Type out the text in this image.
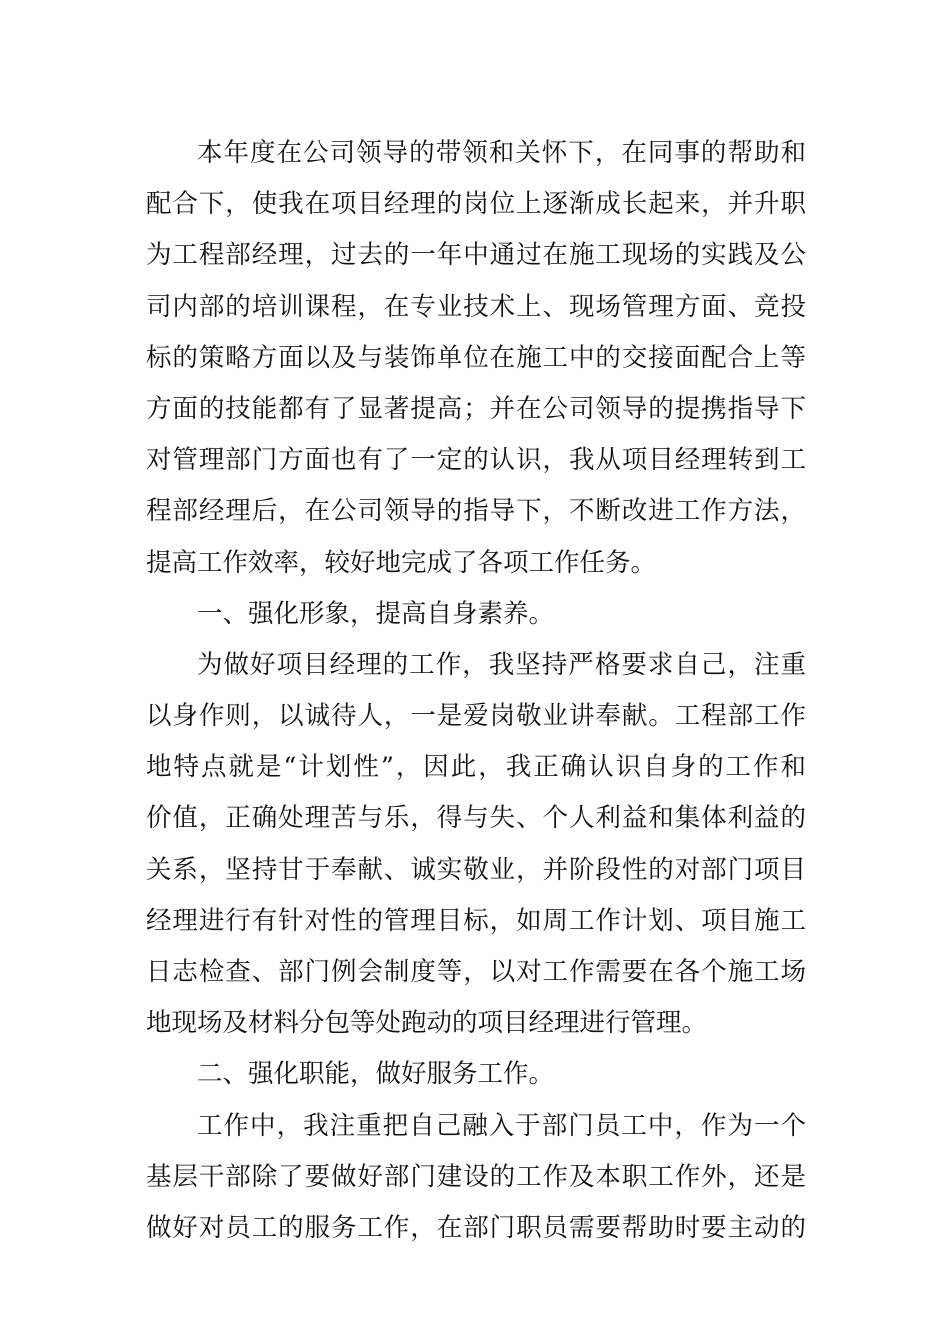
本年度在公司领导的带领和关怀下，在同事的帮助和
配合下，使我在项目经理的岗位上逐渐成长起来，并升职
为工程部经理，过去的一年中通过在施工现场的实践及公
司内部的培训课程，在专业技术上、现场管理方面、竞投
标的策略方面以及与装饰单位在施工中的交接面配合上等
方面的技能都有了显著提高；并在公司领导的提携指导下
对管理部门方面也有了一定的认识，我从项目经理转到工
程部经理后，在公司领导的指导下，不断改进工作方法，
提高工作效率，较好地完成了各项工作任务。
一、强化形象，提高自身素养。
为做好项目经理的工作，我坚持严格要求自己，注重
以身作则，以诚待人，一是爱岗敬业讲奉献。工程部工作
地特点就是“计划性”，因此，我正确认识自身的工作和
价值，正确处理苦与乐，得与失、个人利益和集体利益的
关系，坚持甘于奉献、诚实敬业，并阶段性的对部门项目
经理进行有针对性的管理目标，如周工作计划、项目施工
日志检查、部门例会制度等，以对工作需要在各个施工场
地现场及材料分包等处跑动的项目经理进行管理。
二、强化职能，做好服务工作。
工作中，我注重把自己融入于部门员工中，作为一个
基层干部除了要做好部门建设的工作及本职工作外，还是
做好对员工的服务工作，在部门职员需要帮助时要主动的
